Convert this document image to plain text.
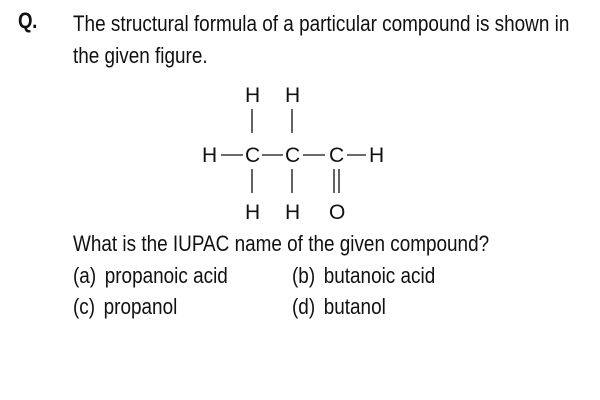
Q. The structural formula of a particular compound is shown in
the given figure.
H H
H C C C H
H H O
What is the IUPAC name of the given compound?
(a) propanoic acid	(b) butanoic acid
(c) propanol	(d) butanol
